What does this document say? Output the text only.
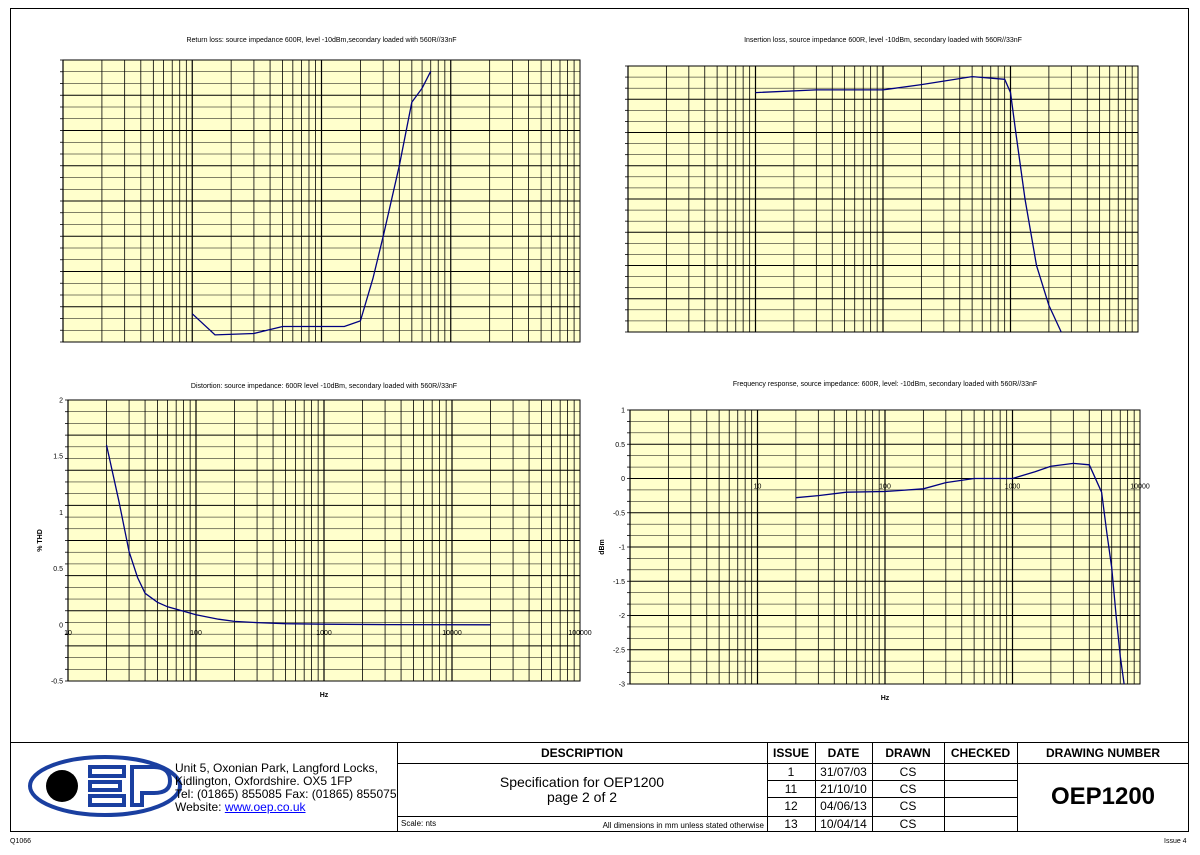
Return loss: source impedance 600R, level -10dBm,secondary loaded with 560R//33nF	Insertion loss, source impedance 600R, level -10dBm, secondary loaded with 560R//33nF
Distortion: source impedance: 600R level -10dBm, secondary loaded with 560R//33nF
2
1.5
1
0.5
0
-0.5
10	100	1000	10000	100000
Hz
% THD
Frequency response, source impedance: 600R, level: -10dBm, secondary loaded with 560R//33nF
1
0.5
0
-0.5
-1
-1.5
-2
-2.5
-3
10	100	1000	10000
Hz
dBm
Unit 5, Oxonian Park, Langford Locks,
Kidlington, Oxfordshire. OX5 1FP
Tel: (01865) 855085 Fax: (01865) 855075
Website: www.oep.co.uk
DESCRIPTION	ISSUE	DATE	DRAWN	CHECKED	DRAWING NUMBER
Specification for OEP1200
page 2 of 2
Scale: nts	All dimensions in mm unless stated otherwise
1	31/07/03	CS
11	21/10/10	CS
12	04/06/13	CS
13	10/04/14	CS
OEP1200
Q1066	Issue 4
